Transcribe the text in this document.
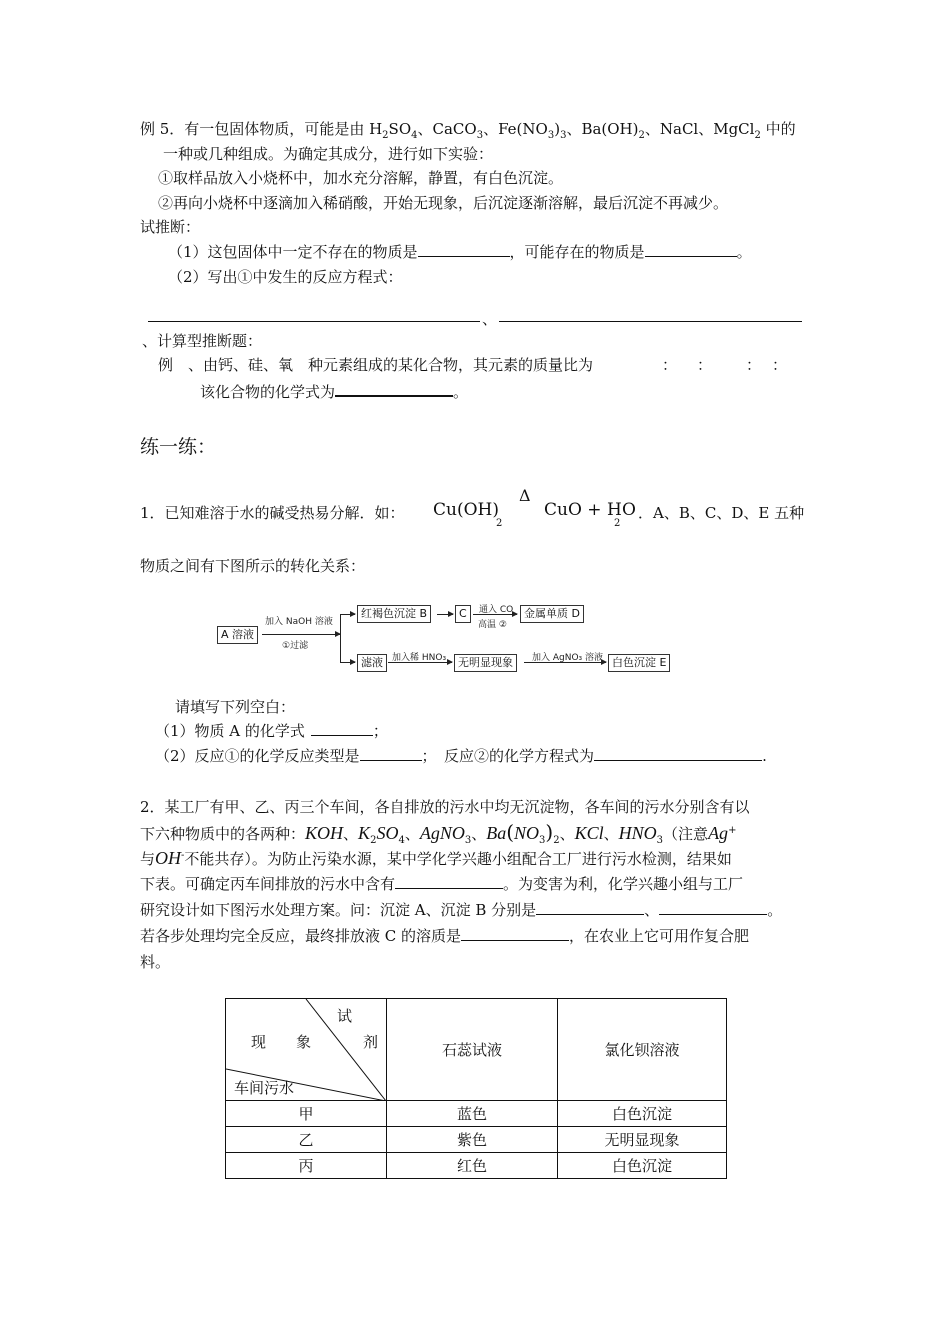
例 5．有一包固体物质，可能是由 $H_2SO_4$、CaCO$_3$、$Fe(NO_3)_3$、$Ba(OH)_2$、NaCl、MgCl$_2$ 中的
一种或几种组成。为确定其成分，进行如下实验：
①取样品放入小烧杯中，加水充分溶解，静置，有白色沉淀。
②再向小烧杯中逐滴加入稀硝酸，开始无现象，后沉淀逐渐溶解，最后沉淀不再减少。
试推断：
（1）这包固体中一定不存在的物质是	，可能存在的物质是	。
（2）写出①中发生的反应方程式：
、
、计算型推断题：
例　、由钙、硅、氧　种元素组成的某化合物，其元素的质量比为	： ： ： ：
该化合物的化学式为	。
练一练：
1．已知难溶于水的碱受热易分解．如： Cu(OH)
2
Δ
CuO + H
2
O ．A、B、C、D、E 五种
物质之间有下图所示的转化关系：
A 溶液
加入 NaOH 溶液
①过滤
红褐色沉淀 B	C	通入 CO
高温 ②
金属单质 D
滤液	加入稀 HNO₃	无明显现象	加入 AgNO₃ 溶液 白色沉淀 E
请填写下列空白：
（1）物质 A 的化学式	；
（2）反应①的化学反应类型是	；　反应②的化学方程式为	.
2．某工厂有甲、乙、丙三个车间，各自排放的污水中均无沉淀物，各车间的污水分别含有以
下六种物质中的各两种：KOH、$K_2SO_4$、AgNO$_3$、$Ba(NO_3)_2$、KCl、$HNO_3$（注意Ag+
与OH-不能共存）。为防止污染水源，某中学化学兴趣小组配合工厂进行污水检测，结果如
下表。可确定丙车间排放的污水中含有	。为变害为利，化学兴趣小组与工厂
研究设计如下图污水处理方案。问：沉淀 A、沉淀 B 分别是	、	。
若各步处理均完全反应，最终排放液 C 的溶质是	，在农业上它可用作复合肥
料。
试
剂
现 象
车间污水	石蕊试液	氯化钡溶液
甲	蓝色	白色沉淀
乙	紫色	无明显现象
丙	红色	白色沉淀
